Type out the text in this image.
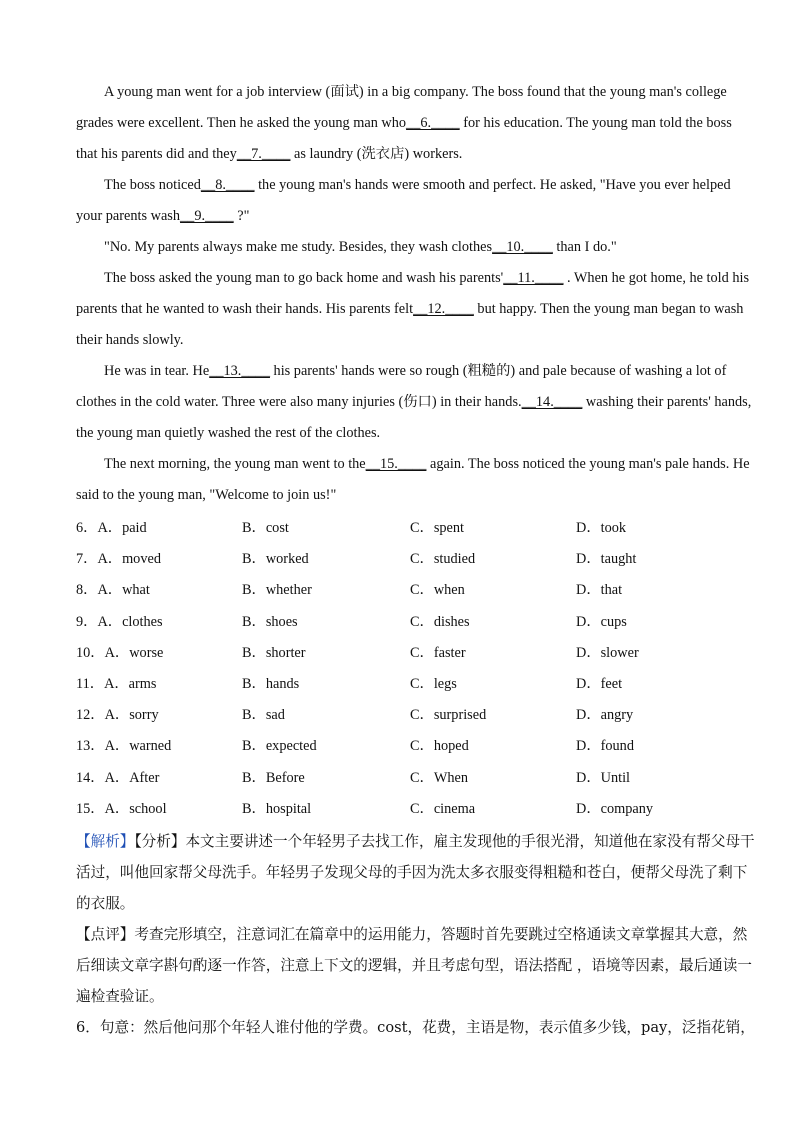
A young man went for a job interview (面试) in a big company. The boss found that the young man's college grades were excellent. Then he asked the young man who__6.____ for his education. The young man told the boss that his parents did and they__7.____ as laundry (洗衣店) workers.

The boss noticed__8.____ the young man's hands were smooth and perfect. He asked, "Have you ever helped your parents wash__9.____ ?"

"No. My parents always make me study. Besides, they wash clothes__10.____ than I do."

The boss asked the young man to go back home and wash his parents'__11.____ . When he got home, he told his parents that he wanted to wash their hands. His parents felt__12.____ but happy. Then the young man began to wash their hands slowly.

He was in tear. He__13.____ his parents' hands were so rough (粗糙的) and pale because of washing a lot of clothes in the cold water. Three were also many injuries (伤口) in their hands.__14.____ washing their parents' hands, the young man quietly washed the rest of the clothes.

The next morning, the young man went to the__15.____ again. The boss noticed the young man's pale hands. He said to the young man, "Welcome to join us!"

6．A．paid	B．cost	C．spent	D．took
7．A．moved	B．worked	C．studied	D．taught
8．A．what	B．whether	C．when	D．that
9．A．clothes	B．shoes	C．dishes	D．cups
10．A．worse	B．shorter	C．faster	D．slower
11．A．arms	B．hands	C．legs	D．feet
12．A．sorry	B．sad	C．surprised	D．angry
13．A．warned	B．expected	C．hoped	D．found
14．A．After	B．Before	C．When	D．Until
15．A．school	B．hospital	C．cinema	D．company

【解析】【分析】本文主要讲述一个年轻男子去找工作，雇主发现他的手很光滑，知道他在家没有帮父母干活过，叫他回家帮父母洗手。年轻男子发现父母的手因为洗太多衣服变得粗糙和苍白，便帮父母洗了剩下的衣服。

【点评】考查完形填空，注意词汇在篇章中的运用能力，答题时首先要跳过空格通读文章掌握其大意，然后细读文章字斟句酌逐一作答，注意上下文的逻辑，并且考虑句型，语法搭配 ，语境等因素，最后通读一遍检查验证。

6．句意：然后他问那个年轻人谁付他的学费。cost，花费，主语是物，表示值多少钱，pay，泛指花销，
